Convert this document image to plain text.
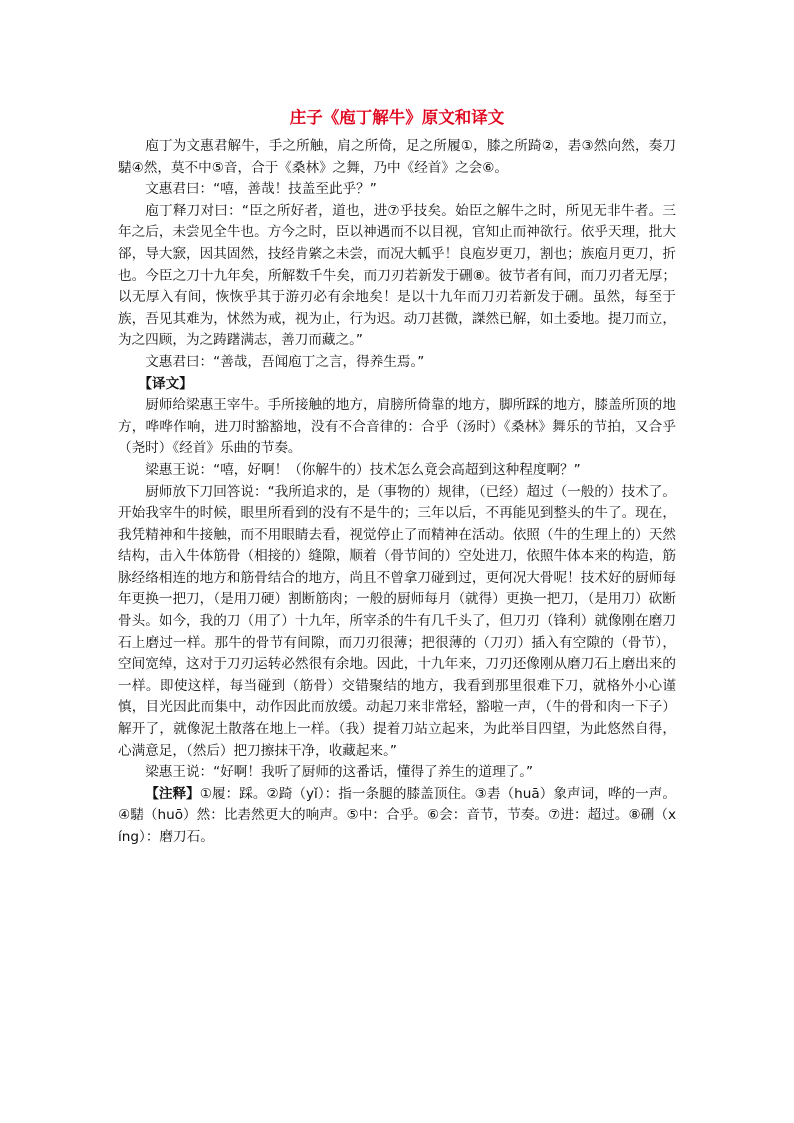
庄子《庖丁解牛》原文和译文

庖丁为文惠君解牛，手之所触，肩之所倚，足之所履①，膝之所踦②，砉③然向然，奏刀騞④然，莫不中⑤音，合于《桑林》之舞，乃中《经首》之会⑥。

文惠君曰：“嘻，善哉！技盖至此乎？”

庖丁释刀对曰：“臣之所好者，道也，进⑦乎技矣。始臣之解牛之时，所见无非牛者。三年之后，未尝见全牛也。方今之时，臣以神遇而不以目视，官知止而神欲行。依乎天理，批大郤，导大窾，因其固然，技经肯綮之未尝，而况大軱乎！良庖岁更刀，割也；族庖月更刀，折也。今臣之刀十九年矣，所解数千牛矣，而刀刃若新发于硎⑧。彼节者有间，而刀刃者无厚；以无厚入有间，恢恢乎其于游刃必有余地矣！是以十九年而刀刃若新发于硎。虽然，每至于族，吾见其难为，怵然为戒，视为止，行为迟。动刀甚微，謋然已解，如土委地。提刀而立，为之四顾，为之踌躇满志，善刀而藏之。”

文惠君曰：“善哉，吾闻庖丁之言，得养生焉。”

【译文】

厨师给梁惠王宰牛。手所接触的地方，肩膀所倚靠的地方，脚所踩的地方，膝盖所顶的地方，哗哗作响，进刀时豁豁地，没有不合音律的：合乎（汤时）《桑林》舞乐的节拍，又合乎（尧时）《经首》乐曲的节奏。

梁惠王说：“嘻，好啊！（你解牛的）技术怎么竟会高超到这种程度啊？”

厨师放下刀回答说：“我所追求的，是（事物的）规律，（已经）超过（一般的）技术了。开始我宰牛的时候，眼里所看到的没有不是牛的；三年以后，不再能见到整头的牛了。现在，我凭精神和牛接触，而不用眼睛去看，视觉停止了而精神在活动。依照（牛的生理上的）天然结构，击入牛体筋骨（相接的）缝隙，顺着（骨节间的）空处进刀，依照牛体本来的构造，筋脉经络相连的地方和筋骨结合的地方，尚且不曾拿刀碰到过，更何况大骨呢！技术好的厨师每年更换一把刀，（是用刀硬）割断筋肉；一般的厨师每月（就得）更换一把刀，（是用刀）砍断骨头。如今，我的刀（用了）十九年，所宰杀的牛有几千头了，但刀刃（锋利）就像刚在磨刀石上磨过一样。那牛的骨节有间隙，而刀刃很薄；把很薄的（刀刃）插入有空隙的（骨节），空间宽绰，这对于刀刃运转必然很有余地。因此，十九年来，刀刃还像刚从磨刀石上磨出来的一样。即使这样，每当碰到（筋骨）交错聚结的地方，我看到那里很难下刀，就格外小心谨慎，目光因此而集中，动作因此而放缓。动起刀来非常轻，豁啦一声，（牛的骨和肉一下子）解开了，就像泥土散落在地上一样。（我）提着刀站立起来，为此举目四望，为此悠然自得，心满意足，（然后）把刀擦抹干净，收藏起来。”

梁惠王说：“好啊！我听了厨师的这番话，懂得了养生的道理了。”

【注释】①履：踩。②踦（yǐ）：指一条腿的膝盖顶住。③砉（huā）象声词，哗的一声。④騞（huō）然：比砉然更大的响声。⑤中：合乎。⑥会：音节，节奏。⑦进：超过。⑧硎（xíng）：磨刀石。
